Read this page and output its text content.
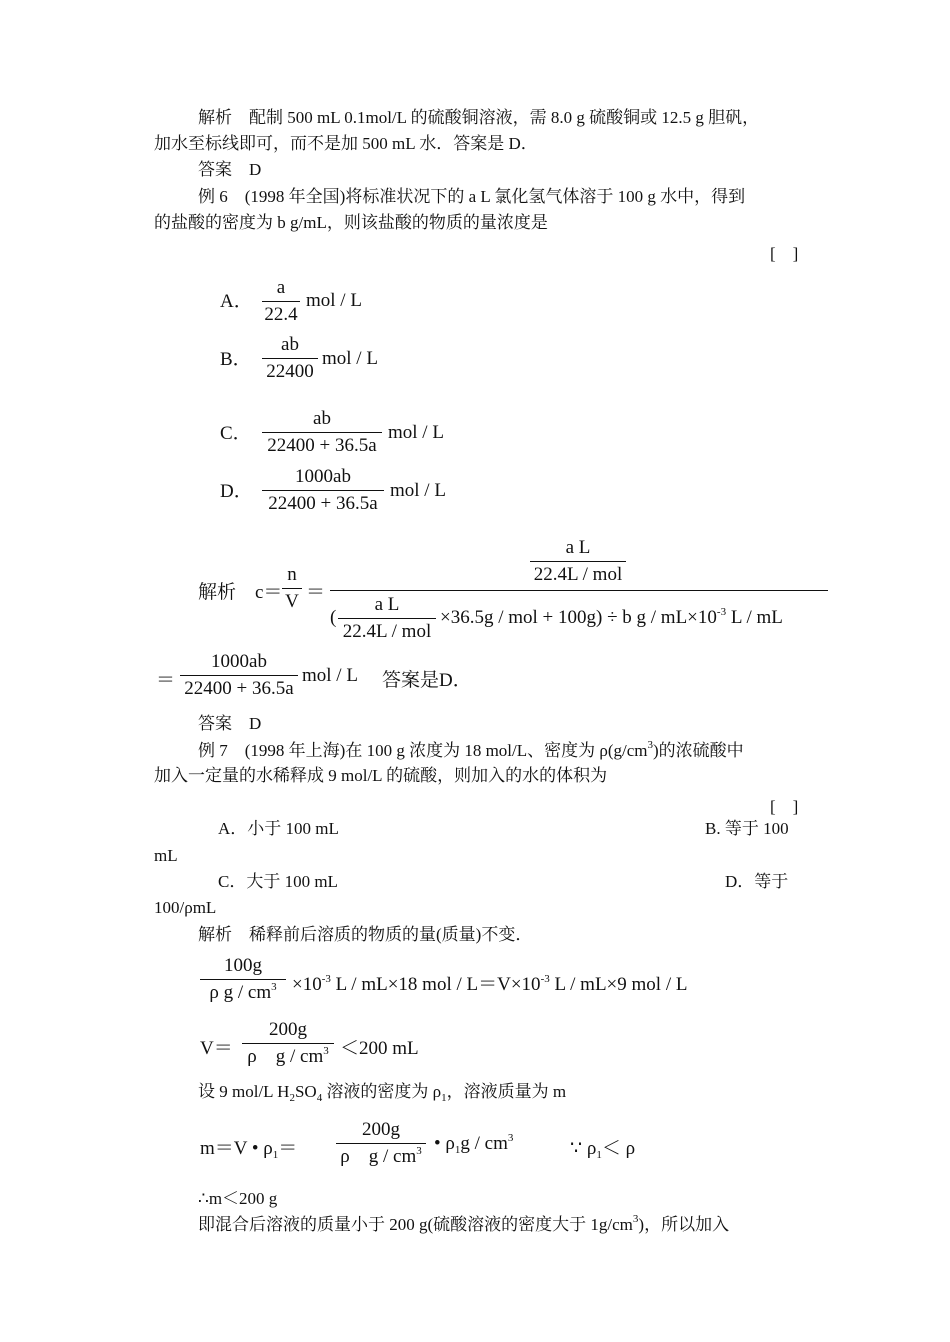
解析　配制 500 mL 0.1mol/L 的硫酸铜溶液，需 8.0 g 硫酸铜或 12.5 g 胆矾，
加水至标线即可，而不是加 500 mL 水．答案是 D．
答案　D
例 6　(1998 年全国)将标准状况下的 a L 氯化氢气体溶于 100 g 水中，得到
的盐酸的密度为 b g/mL，则该盐酸的物质的量浓度是
[　]
A．
a
22.4
mol / L
B．
ab
22400
mol / L
C．
ab
22400 + 36.5a
mol / L
D．
1000ab
22400 + 36.5a
mol / L
解析　c＝
n
V ＝
a L
22.4L / mol
(
a L
22.4L / mol
×36.5g / mol + 100g) ÷ b $g / mL\times 10^{-3}$ L / mL
＝
1000ab
22400 + 36.5a
mol / L 答案是D．
答案　D
例 7　(1998 年上海)在 100 g 浓度为 18 mol/L、密度为 $\rho(g/cm^3)$的浓硫酸中
加入一定量的水稀释成 9 mol/L 的硫酸，则加入的水的体积为
[　]
A．小于 100 mL	B. 等于 100
mL
C．大于 100 mL	D．等于
100/ρmL
解析　稀释前后溶质的物质的量(质量)不变．
100g
ρ $g / cm^3 \times 10^{-3}$ L / mL×18 mol / $L=V\times 10^{-3}$ L / mL×9 mol / L
V＝
200g
ρ　$g / cm^3 <200$ mL
设 9 mol/L $H_2SO_4$ 溶液的密度为 $\rho_1$，溶液质量为 m
m＝V • $\rho_1=$
200g
ρ　g / $cm^3$ • $\rho_1g / cm^3$	∵ $\rho_1< \rho$
∴m＜200 g
即混合后溶液的质量小于 200 g(硫酸溶液的密度大于 $1g/cm^3$)，所以加入
